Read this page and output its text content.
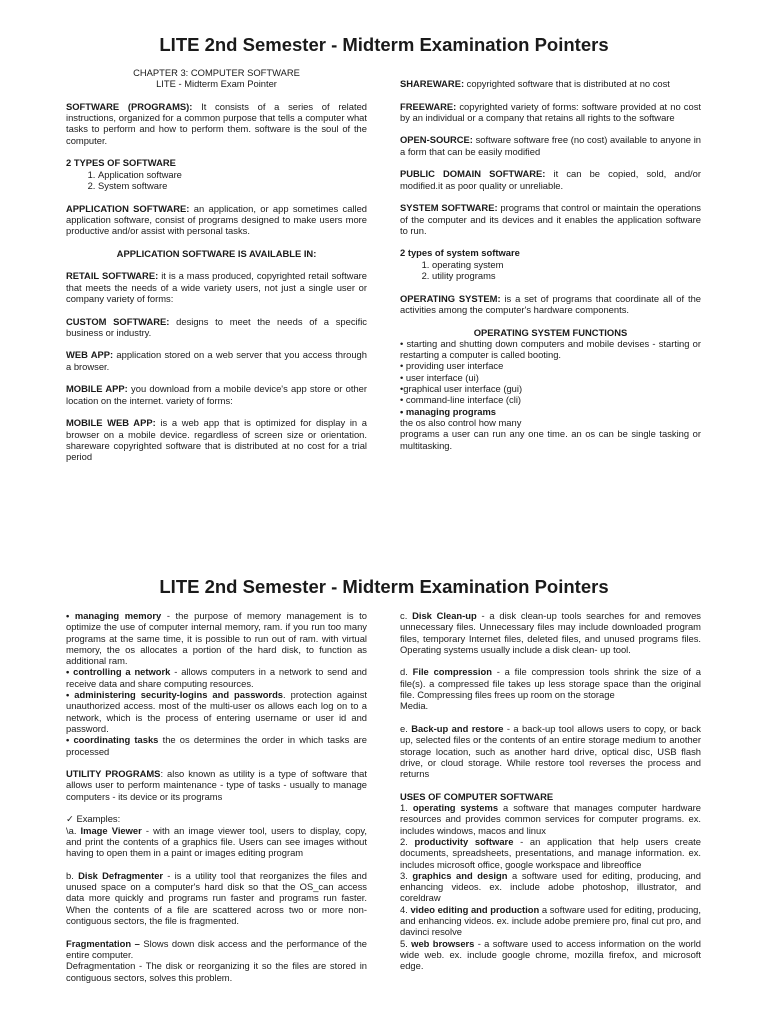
LITE 2nd Semester - Midterm Examination Pointers
CHAPTER 3: COMPUTER SOFTWARE
LITE - Midterm Exam Pointer

SOFTWARE (PROGRAMS): It consists of a series of related instructions, organized for a common purpose that tells a computer what tasks to perform and how to perform them. software is the soul of the computer.

2 TYPES OF SOFTWARE
1. Application software
2. System software

APPLICATION SOFTWARE: an application, or app sometimes called application software, consist of programs designed to make users more productive and/or assist with personal tasks.

APPLICATION SOFTWARE IS AVAILABLE IN:

RETAIL SOFTWARE: it is a mass produced, copyrighted retail software that meets the needs of a wide variety users, not just a single user or company variety of forms:

CUSTOM SOFTWARE: designs to meet the needs of a specific business or industry.

WEB APP: application stored on a web server that you access through a browser.

MOBILE APP: you download from a mobile device's app store or other location on the internet. variety of forms:

MOBILE WEB APP: is a web app that is optimized for display in a browser on a mobile device. regardless of screen size or orientation. shareware copyrighted software that is distributed at no cost for a trial period

SHAREWARE: copyrighted software that is distributed at no cost

FREEWARE: copyrighted variety of forms: software provided at no cost by an individual or a company that retains all rights to the software

OPEN-SOURCE: software software free (no cost) available to anyone in a form that can be easily modified

PUBLIC DOMAIN SOFTWARE: it can be copied, sold, and/or modified.it as poor quality or unreliable.

SYSTEM SOFTWARE: programs that control or maintain the operations of the computer and its devices and it enables the application software to run.

2 types of system software
1. operating system
2. utility programs

OPERATING SYSTEM: is a set of programs that coordinate all of the activities among the computer's hardware components.

OPERATING SYSTEM FUNCTIONS
• starting and shutting down computers and mobile devises - starting or restarting a computer is called booting.
• providing user interface
• user interface (ui)
•graphical user interface (gui)
• command-line interface (cli)
• managing programs
the os also control how many
programs a user can run any one time. an os can be single tasking or multitasking.
LITE 2nd Semester - Midterm Examination Pointers
• managing memory - the purpose of memory management is to optimize the use of computer internal memory, ram. if you run too many programs at the same time, it is possible to run out of ram. with virtual memory, the os allocates a portion of the hard disk, to function as additional ram.
• controlling a network - allows computers in a network to send and receive data and share computing resources.
• administering security-logins and passwords. protection against unauthorized access. most of the multi-user os allows each log on to a network, which is the process of entering username or user id and password.

• coordinating tasks the os determines the order in which tasks are processed

UTILITY PROGRAMS: also known as utility is a type of software that allows user to perform maintenance - type of tasks - usually to manage computers - its device or its programs

✓ Examples:

\a. Image Viewer - with an image viewer tool, users to display, copy, and print the contents of a graphics file. Users can see images without having to open them in a paint or images editing program

b. Disk Defragmenter - is a utility tool that reorganizes the files and unused space on a computer's hard disk so that the OS_can access data more quickly and programs run faster and programs run faster. When the contents of a file are scattered across two or more non-contiguous sectors, the file is fragmented.

Fragmentation – Slows down disk access and the performance of the entire computer.
Defragmentation - The disk or reorganizing it so the files are stored in contiguous sectors, solves this problem.

c. Disk Clean-up - a disk clean-up tools searches for and removes unnecessary files. Unnecessary files may include downloaded program files, temporary Internet files, deleted files, and unused programs files. Operating systems usually include a disk clean- up tool.

d. File compression - a file compression tools shrink the size of a file(s). a compressed file takes up less storage space than the original file. Compressing files frees up room on the storage

Media.

e. Back-up and restore - a back-up tool allows users to copy, or back up, selected files or the contents of an entire storage medium to another storage location, such as another hard drive, optical disc, USB flash drive, or cloud storage. While restore tool reverses the process and returns

USES OF COMPUTER SOFTWARE
1. operating systems a software that manages computer hardware resources and provides common services for computer programs. ex. includes windows, macos and linux
2. productivity software - an application that help users create documents, spreadsheets, presentations, and manage information. ex. includes microsoft office, google workspace and libreoffice
3. graphics and design a software used for editing, producing, and enhancing videos. ex. include adobe photoshop, illustrator, and coreldraw
4. video editing and production a software used for editing, producing, and enhancing videos. ex. include adobe premiere pro, final cut pro, and davinci resolve
5. web browsers - a software used to access information on the world wide web. ex. include google chrome, mozilla firefox, and microsoft edge.
